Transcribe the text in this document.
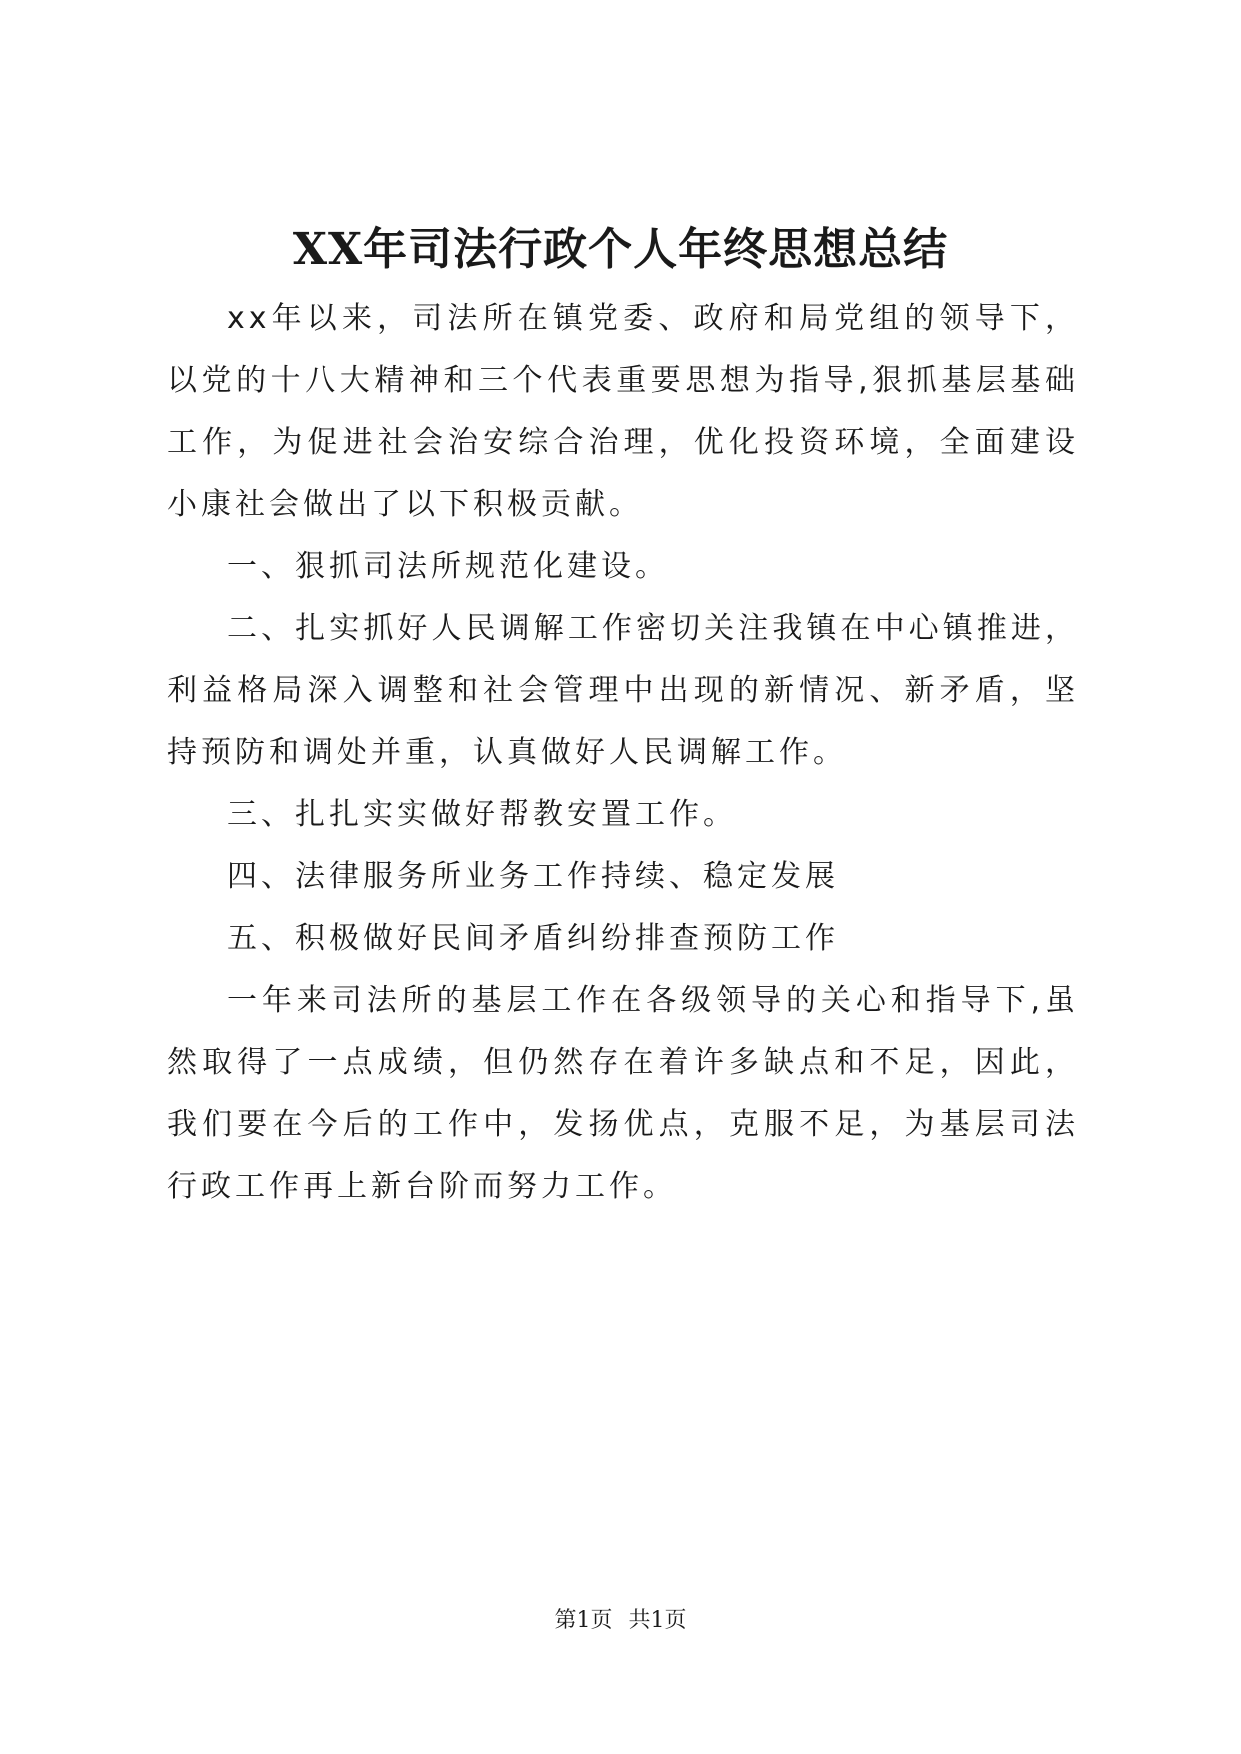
XX年司法行政个人年终思想总结

xx年以来，司法所在镇党委、政府和局党组的领导下，以党的十八大精神和三个代表重要思想为指导,狠抓基层基础工作，为促进社会治安综合治理，优化投资环境，全面建设小康社会做出了以下积极贡献。

一、狠抓司法所规范化建设。

二、扎实抓好人民调解工作密切关注我镇在中心镇推进，利益格局深入调整和社会管理中出现的新情况、新矛盾，坚持预防和调处并重，认真做好人民调解工作。

三、扎扎实实做好帮教安置工作。

四、法律服务所业务工作持续、稳定发展

五、积极做好民间矛盾纠纷排查预防工作

一年来司法所的基层工作在各级领导的关心和指导下,虽然取得了一点成绩，但仍然存在着许多缺点和不足，因此，我们要在今后的工作中，发扬优点，克服不足，为基层司法行政工作再上新台阶而努力工作。

第1页 共1页
